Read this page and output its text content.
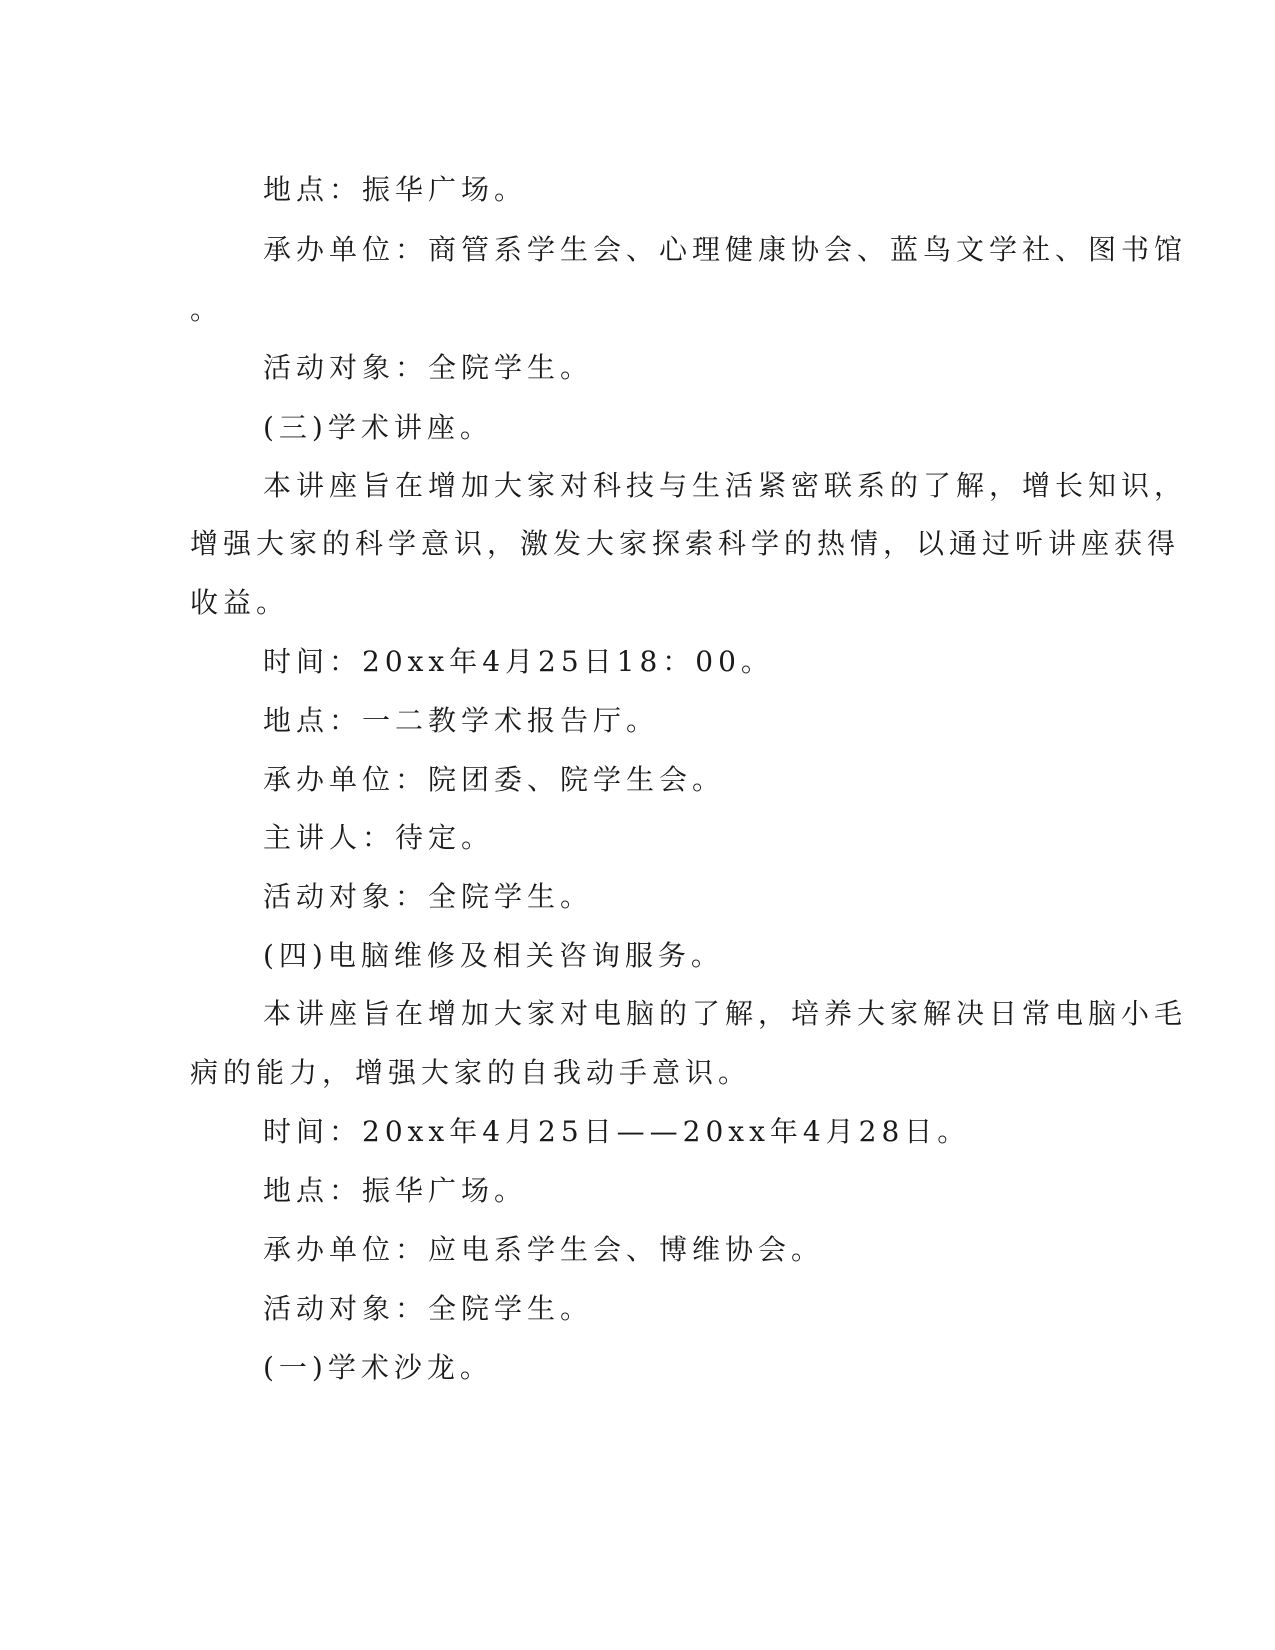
地点：振华广场。

承办单位：商管系学生会、心理健康协会、蓝鸟文学社、图书馆

。

活动对象：全院学生。

(三)学术讲座。

本讲座旨在增加大家对科技与生活紧密联系的了解，增长知识，

增强大家的科学意识，激发大家探索科学的热情，以通过听讲座获得

收益。

时间：20xx年4月25日18：00。

地点：一二教学术报告厅。

承办单位：院团委、院学生会。

主讲人：待定。

活动对象：全院学生。

(四)电脑维修及相关咨询服务。

本讲座旨在增加大家对电脑的了解，培养大家解决日常电脑小毛

病的能力，增强大家的自我动手意识。

时间：20xx年4月25日——20xx年4月28日。

地点：振华广场。

承办单位：应电系学生会、博维协会。

活动对象：全院学生。

(一)学术沙龙。
